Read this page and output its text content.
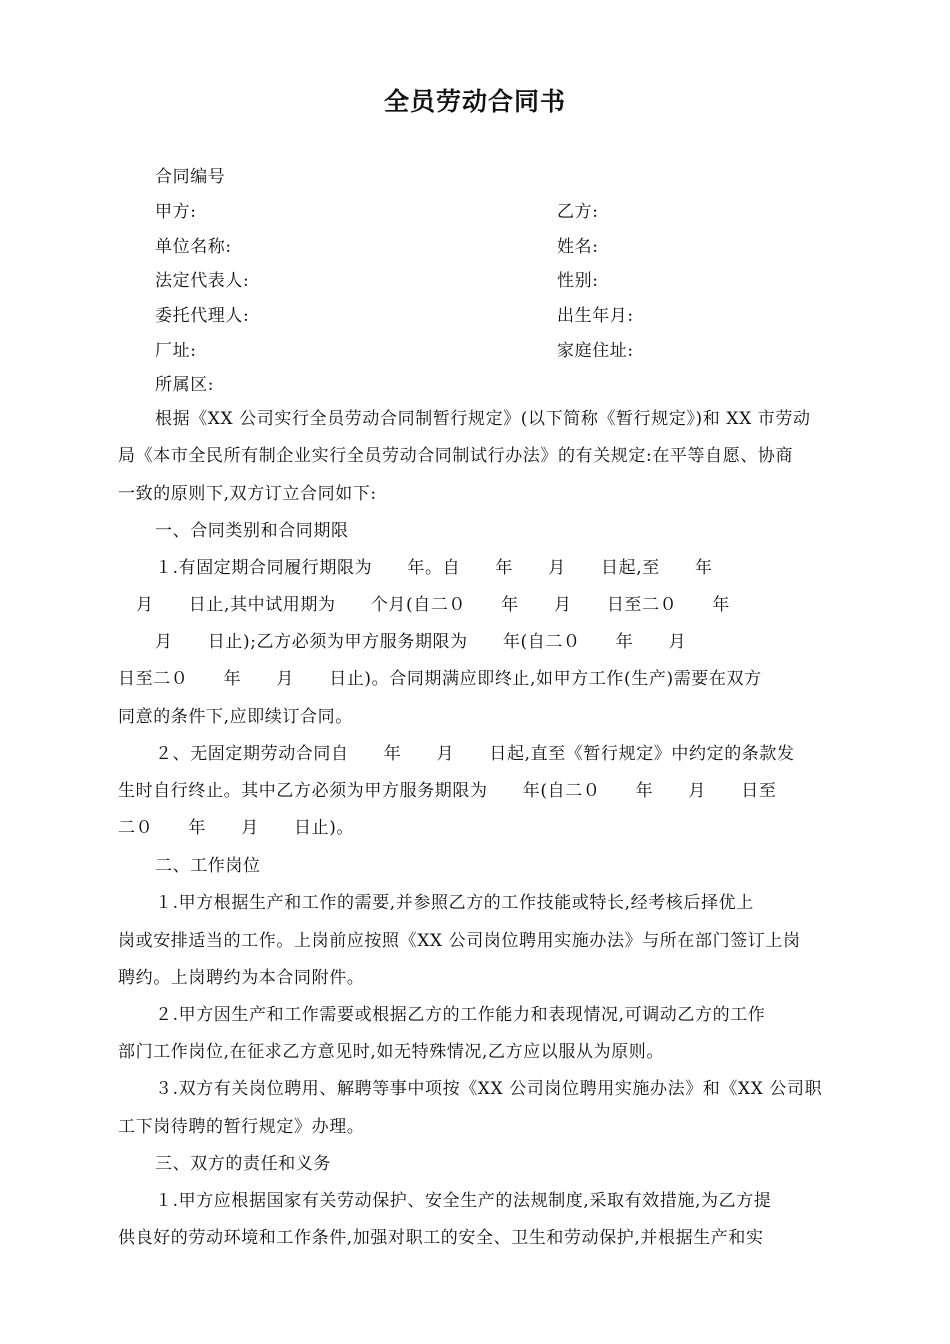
全员劳动合同书
合同编号
甲方:	乙方:
单位名称:	姓名:
法定代表人:	性别:
委托代理人:	出生年月:
厂址:	家庭住址:
所属区:
根据《XX 公司实行全员劳动合同制暂行规定》(以下简称《暂行规定》)和 XX 市劳动
局《本市全民所有制企业实行全员劳动合同制试行办法》的有关规定:在平等自愿、协商
一致的原则下,双方订立合同如下:
一、合同类别和合同期限
１.有固定期合同履行期限为　　年。自　　年　　月　　日起,至　　年
月　　日止,其中试用期为　　个月(自二０　　年　　月　　日至二０　　年
月　　日止);乙方必须为甲方服务期限为　　年(自二０　　年　　月
日至二０　　年　　月　　日止)。合同期满应即终止,如甲方工作(生产)需要在双方
同意的条件下,应即续订合同。
２、无固定期劳动合同自　　年　　月　　日起,直至《暂行规定》中约定的条款发
生时自行终止。其中乙方必须为甲方服务期限为　　年(自二０　　年　　月　　日至
二０　　年　　月　　日止)。
二、工作岗位
１.甲方根据生产和工作的需要,并参照乙方的工作技能或特长,经考核后择优上
岗或安排适当的工作。上岗前应按照《XX 公司岗位聘用实施办法》与所在部门签订上岗
聘约。上岗聘约为本合同附件。
２.甲方因生产和工作需要或根据乙方的工作能力和表现情况,可调动乙方的工作
部门工作岗位,在征求乙方意见时,如无特殊情况,乙方应以服从为原则。
３.双方有关岗位聘用、解聘等事中项按《XX 公司岗位聘用实施办法》和《XX 公司职
工下岗待聘的暂行规定》办理。
三、双方的责任和义务
１.甲方应根据国家有关劳动保护、安全生产的法规制度,采取有效措施,为乙方提
供良好的劳动环境和工作条件,加强对职工的安全、卫生和劳动保护,并根据生产和实
